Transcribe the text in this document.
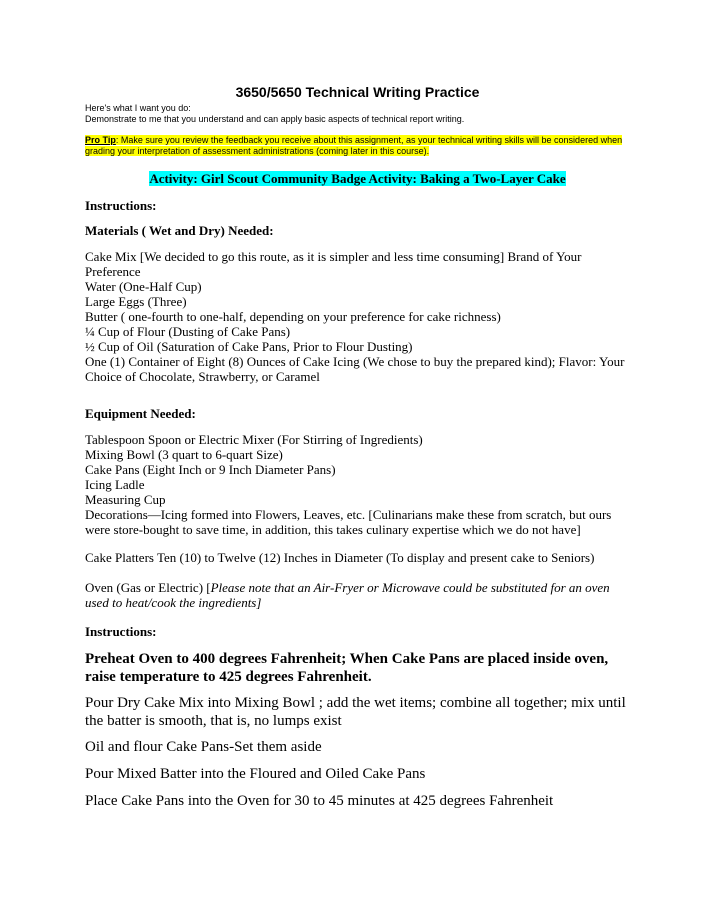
3650/5650 Technical Writing Practice
Here's what I want you do:
Demonstrate to me that you understand and can apply basic aspects of technical report writing.
Pro Tip: Make sure you review the feedback you receive about this assignment, as your technical writing skills will be considered when grading your interpretation of assessment administrations (coming later in this course).
Activity: Girl Scout Community Badge Activity: Baking a Two-Layer Cake
Instructions:
Materials ( Wet and Dry) Needed:
Cake Mix [We decided to go this route, as it is simpler and less time consuming] Brand of Your Preference
Water (One-Half Cup)
Large Eggs (Three)
Butter ( one-fourth to one-half, depending on your preference for cake richness)
¼ Cup of Flour (Dusting of Cake Pans)
½ Cup of Oil (Saturation of Cake Pans, Prior to Flour Dusting)
One (1) Container of Eight (8) Ounces of Cake Icing (We chose to buy the prepared kind); Flavor: Your Choice of Chocolate, Strawberry, or Caramel
Equipment Needed:
Tablespoon Spoon or Electric Mixer (For Stirring of Ingredients)
Mixing Bowl (3 quart to 6-quart Size)
Cake Pans (Eight Inch or 9 Inch Diameter Pans)
Icing Ladle
Measuring Cup
Decorations—Icing formed into Flowers, Leaves, etc. [Culinarians make these from scratch, but ours were store-bought to save time, in addition, this takes culinary expertise which we do not have]
Cake Platters Ten (10) to Twelve (12) Inches in Diameter (To display and present cake to Seniors)
Oven (Gas or Electric) [Please note that an Air-Fryer or Microwave could be substituted for an oven used to heat/cook the ingredients]
Instructions:
Preheat Oven to 400 degrees Fahrenheit; When Cake Pans are placed inside oven, raise temperature to 425 degrees Fahrenheit.
Pour Dry Cake Mix into Mixing Bowl ; add the wet items; combine all together; mix until the batter is smooth, that is, no lumps exist
Oil and flour Cake Pans-Set them aside
Pour Mixed Batter into the Floured and Oiled Cake Pans
Place Cake Pans into the Oven for 30 to 45 minutes at 425 degrees Fahrenheit
